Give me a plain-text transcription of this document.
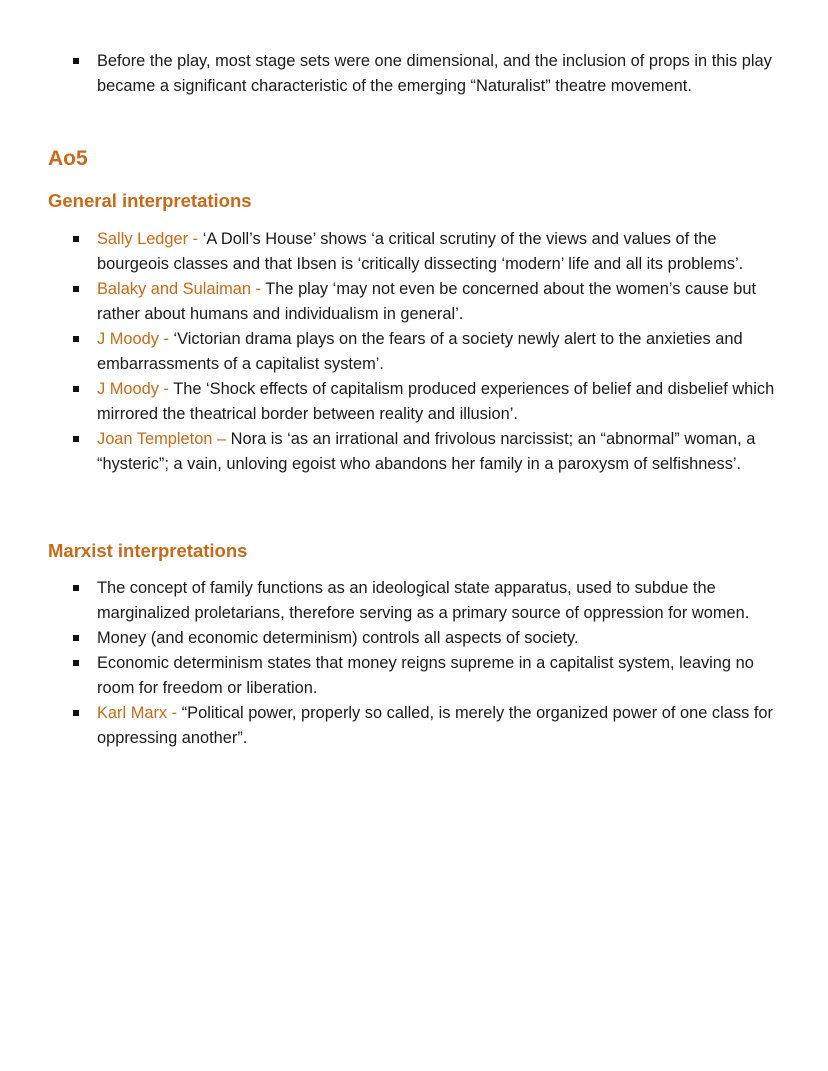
Before the play, most stage sets were one dimensional, and the inclusion of props in this play became a significant characteristic of the emerging “Naturalist” theatre movement.
Ao5
General interpretations
Sally Ledger - ‘A Doll’s House’ shows ‘a critical scrutiny of the views and values of the bourgeois classes and that Ibsen is ‘critically dissecting ‘modern’ life and all its problems’.
Balaky and Sulaiman - The play ‘may not even be concerned about the women’s cause but rather about humans and individualism in general’.
J Moody - ‘Victorian drama plays on the fears of a society newly alert to the anxieties and embarrassments of a capitalist system’.
J Moody - The ‘Shock effects of capitalism produced experiences of belief and disbelief which mirrored the theatrical border between reality and illusion’.
Joan Templeton – Nora is ‘as an irrational and frivolous narcissist; an “abnormal” woman, a “hysteric”; a vain, unloving egoist who abandons her family in a paroxysm of selfishness’.
Marxist interpretations
The concept of family functions as an ideological state apparatus, used to subdue the marginalized proletarians, therefore serving as a primary source of oppression for women.
Money (and economic determinism) controls all aspects of society.
Economic determinism states that money reigns supreme in a capitalist system, leaving no room for freedom or liberation.
Karl Marx - “Political power, properly so called, is merely the organized power of one class for oppressing another”.
